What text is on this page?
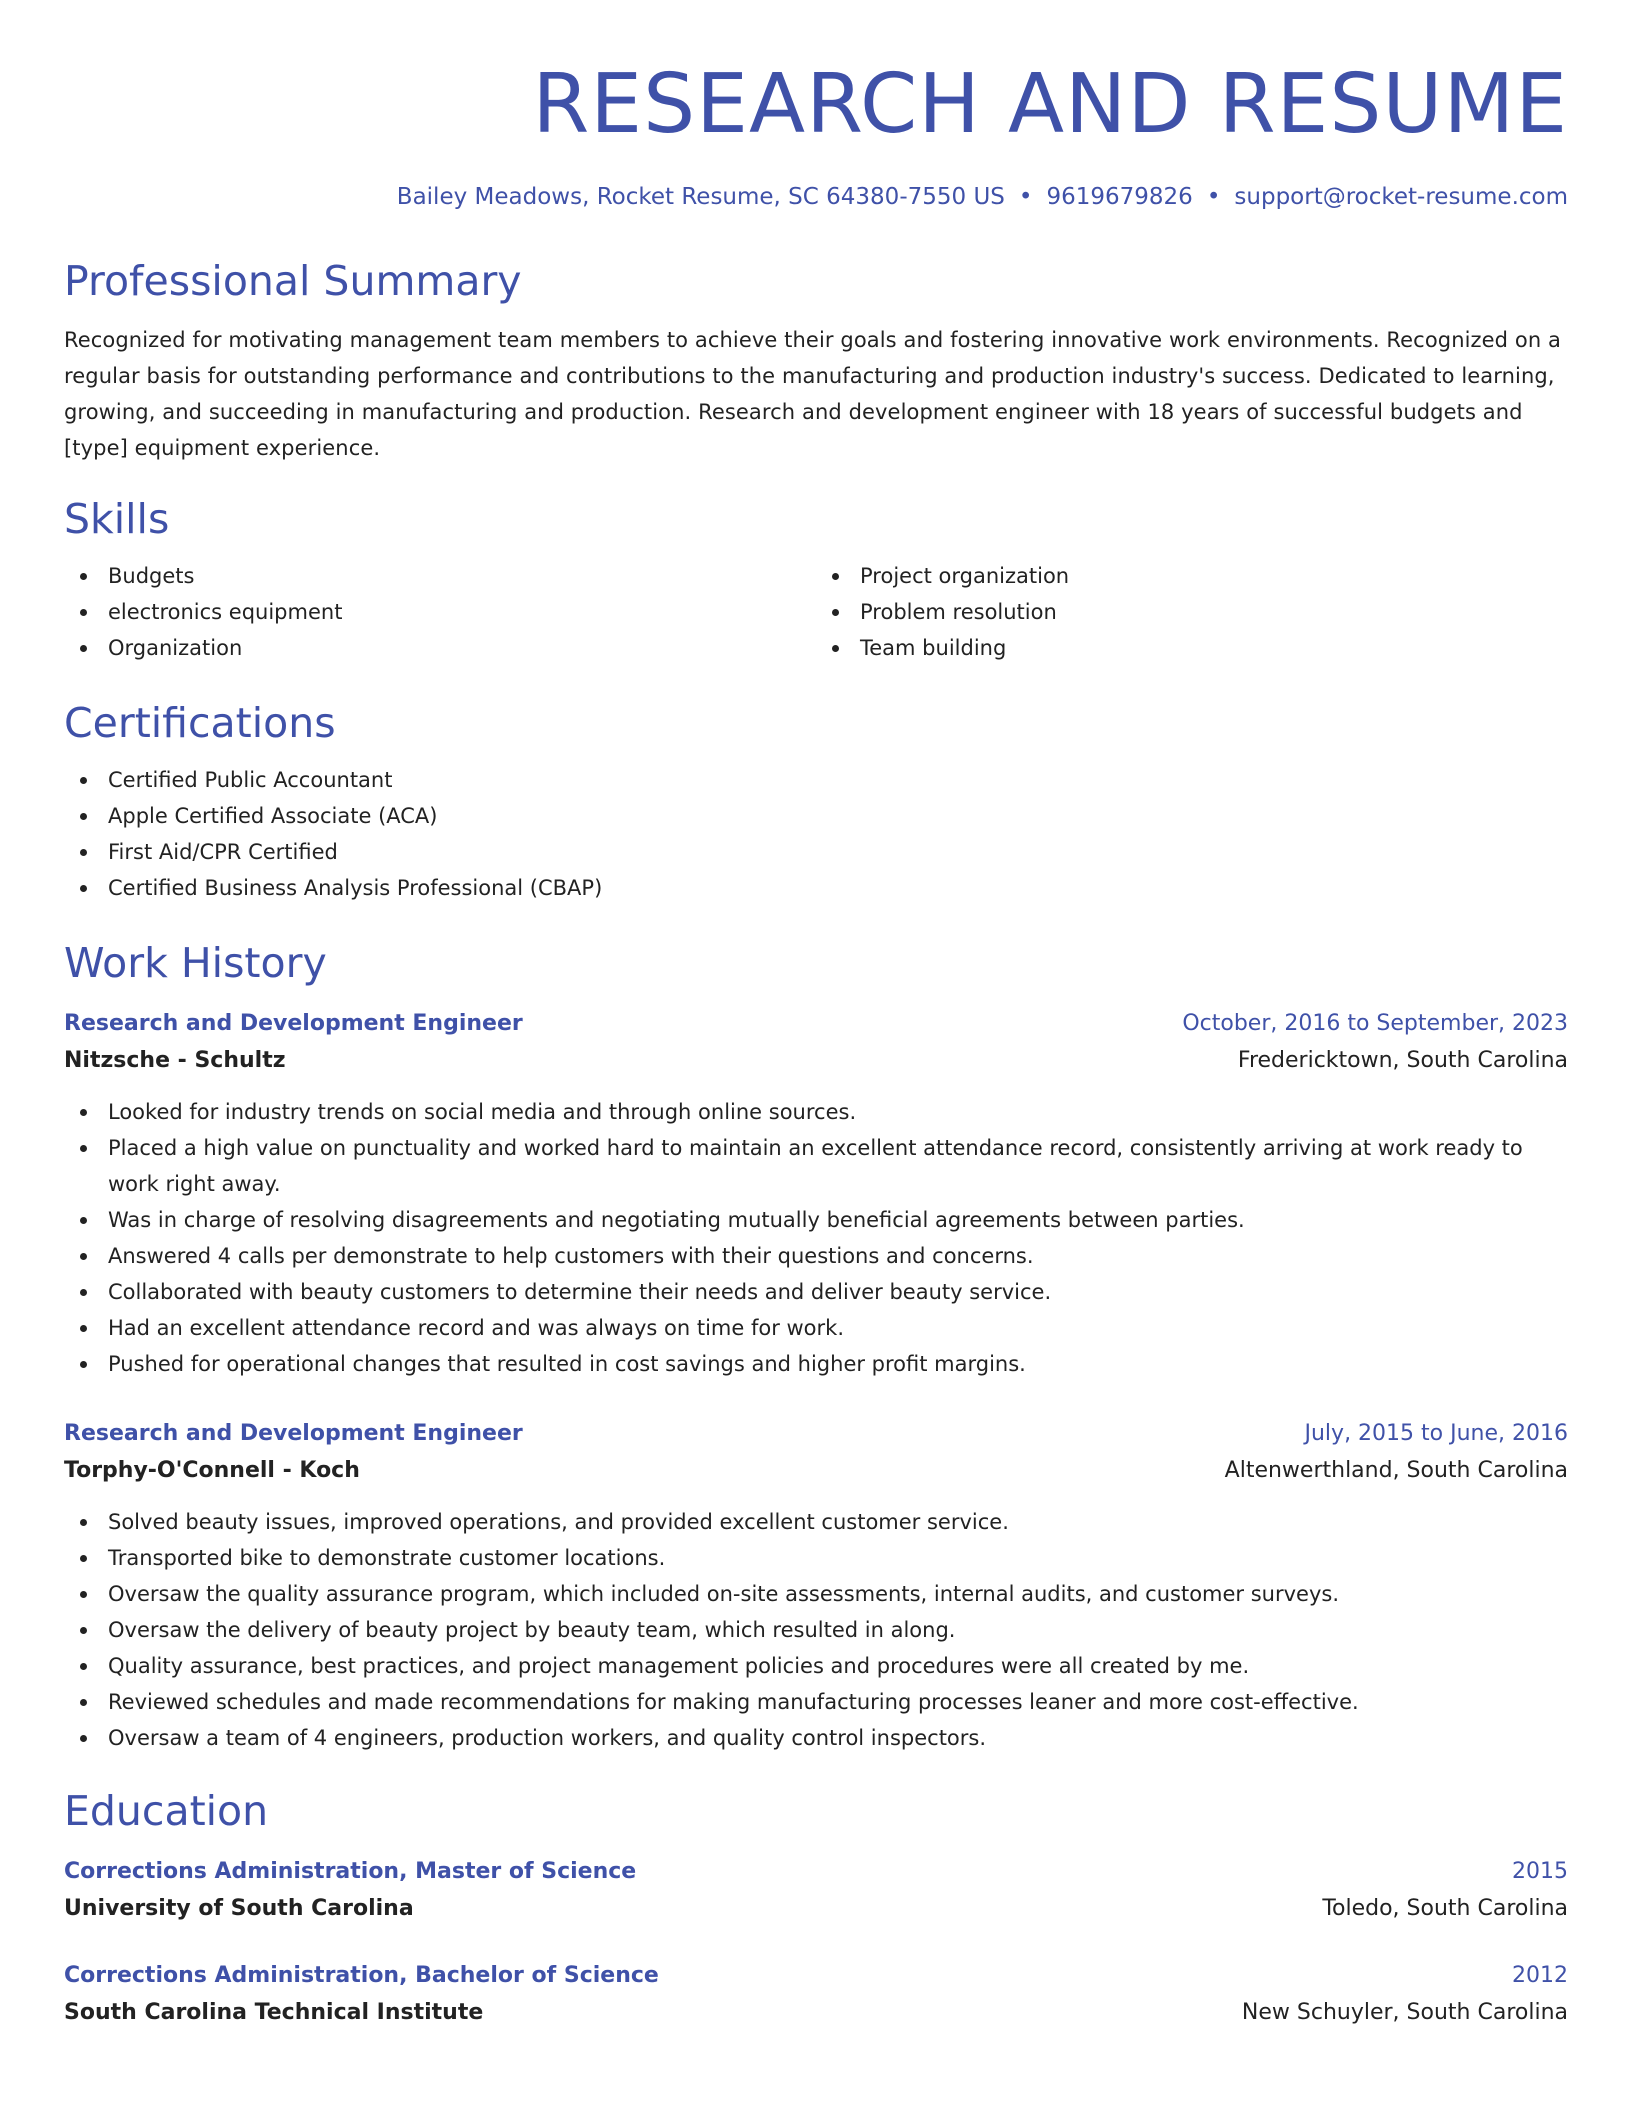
RESEARCH AND RESUME
Bailey Meadows, Rocket Resume, SC 64380-7550 US • 9619679826 • support@rocket-resume.com
Professional Summary

Recognized for motivating management team members to achieve their goals and fostering innovative work environments. Recognized on a regular basis for outstanding performance and contributions to the manufacturing and production industry's success. Dedicated to learning, growing, and succeeding in manufacturing and production. Research and development engineer with 18 years of successful budgets and [type] equipment experience.

Skills
Budgets
electronics equipment
Organization
Project organization
Problem resolution
Team building
Certifications
Certified Public Accountant
Apple Certified Associate (ACA)
First Aid/CPR Certified
Certified Business Analysis Professional (CBAP)
Work History
Research and Development Engineer	October, 2016 to September, 2023
Nitzsche - Schultz	Fredericktown, South Carolina
Looked for industry trends on social media and through online sources.
Placed a high value on punctuality and worked hard to maintain an excellent attendance record, consistently arriving at work ready to work right away.
Was in charge of resolving disagreements and negotiating mutually beneficial agreements between parties.
Answered 4 calls per demonstrate to help customers with their questions and concerns.
Collaborated with beauty customers to determine their needs and deliver beauty service.
Had an excellent attendance record and was always on time for work.
Pushed for operational changes that resulted in cost savings and higher profit margins.
Research and Development Engineer	July, 2015 to June, 2016
Torphy-O'Connell - Koch	Altenwerthland, South Carolina
Solved beauty issues, improved operations, and provided excellent customer service.
Transported bike to demonstrate customer locations.
Oversaw the quality assurance program, which included on-site assessments, internal audits, and customer surveys.
Oversaw the delivery of beauty project by beauty team, which resulted in along.
Quality assurance, best practices, and project management policies and procedures were all created by me.
Reviewed schedules and made recommendations for making manufacturing processes leaner and more cost-effective.
Oversaw a team of 4 engineers, production workers, and quality control inspectors.
Education
Corrections Administration, Master of Science	2015
University of South Carolina	Toledo, South Carolina
Corrections Administration, Bachelor of Science	2012
South Carolina Technical Institute	New Schuyler, South Carolina
